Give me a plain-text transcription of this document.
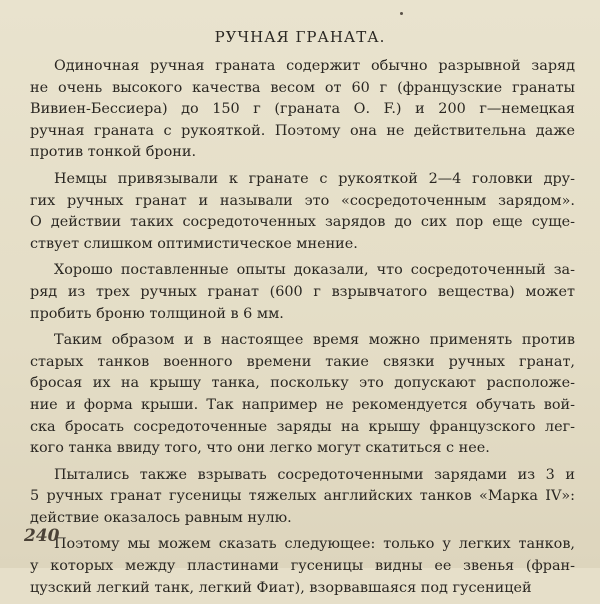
РУЧНАЯ ГРАНАТА.
Одиночная ручная граната содержит обычно разрывной заряд
не очень высокого качества весом от 60 г (французские гранаты
Вивиен-Бессиера) до 150 г (граната О. F.) и 200 г—немецкая
ручная граната с рукояткой. Поэтому она не действительна даже
против тонкой брони.
Немцы привязывали к гранате с рукояткой 2—4 головки дру-
гих ручных гранат и называли это «сосредоточенным зарядом».
О действии таких сосредоточенных зарядов до сих пор еще суще-
ствует слишком оптимистическое мнение.
Хорошо поставленные опыты доказали, что сосредоточенный за-
ряд из трех ручных гранат (600 г взрывчатого вещества) может
пробить броню толщиной в 6 мм.
Таким образом и в настоящее время можно применять против
старых танков военного времени такие связки ручных гранат,
бросая их на крышу танка, поскольку это допускают расположе-
ние и форма крыши. Так например не рекомендуется обучать вой-
ска бросать сосредоточенные заряды на крышу французского лег-
кого танка ввиду того, что они легко могут скатиться с нее.
Пытались также взрывать сосредоточенными зарядами из 3 и
5 ручных гранат гусеницы тяжелых английских танков «Марка IV»:
действие оказалось равным нулю.
Поэтому мы можем сказать следующее: только у легких танков,
у которых между пластинами гусеницы видны ее звенья (фран-
цузский легкий танк, легкий Фиат), взорвавшаяся под гусеницей
240
